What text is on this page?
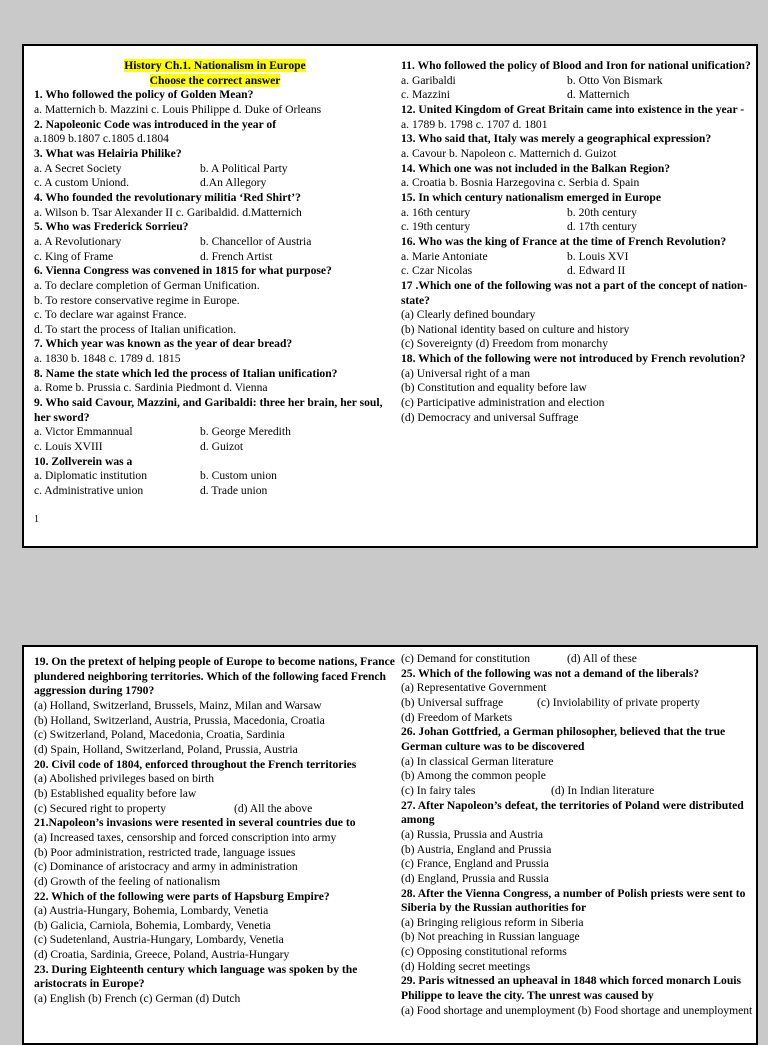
History Ch.1. Nationalism in Europe
Choose the correct answer
1. Who followed the policy of Golden Mean?
a. Matternich b. Mazzini c. Louis Philippe d. Duke of Orleans
2. Napoleonic Code was introduced in the year of
a.1809 b.1807 c.1805 d.1804
3. What was Helairia Philike?
a. A Secret Society	b. A Political Party
c. A custom Uniond.	d.An Allegory
4. Who founded the revolutionary militia ‘Red Shirt’?
a. Wilson b. Tsar Alexander II c. Garibaldid. d.Matternich
5. Who was Frederick Sorrieu?
a. A Revolutionary	b. Chancellor of Austria
c. King of Frame	d. French Artist
6. Vienna Congress was convened in 1815 for what purpose?
a. To declare completion of German Unification.
b. To restore conservative regime in Europe.
c. To declare war against France.
d. To start the process of Italian unification.
7. Which year was known as the year of dear bread?
a. 1830 b. 1848 c. 1789 d. 1815
8. Name the state which led the process of Italian unification?
a. Rome b. Prussia c. Sardinia Piedmont d. Vienna
9. Who said Cavour, Mazzini, and Garibaldi: three her brain, her soul, her sword?
a. Victor Emmannual	b. George Meredith
c. Louis XVIII	d. Guizot
10. Zollverein was a
a. Diplomatic institution	b. Custom union
c. Administrative union	d. Trade union
11. Who followed the policy of Blood and Iron for national unification?
a. Garibaldi	b. Otto Von Bismark
c. Mazzini	d. Matternich
12. United Kingdom of Great Britain came into existence in the year -
a. 1789 b. 1798 c. 1707 d. 1801
13. Who said that, Italy was merely a geographical expression?
a. Cavour b. Napoleon c. Matternich d. Guizot
14. Which one was not included in the Balkan Region?
a. Croatia b. Bosnia Harzegovina c. Serbia d. Spain
15. In which century nationalism emerged in Europe
a. 16th century	b. 20th century
c. 19th century	d. 17th century
16. Who was the king of France at the time of French Revolution?
a. Marie Antoniate	b. Louis XVI
c. Czar Nicolas	d. Edward II
17 .Which one of the following was not a part of the concept of nation-state?
(a) Clearly defined boundary
(b) National identity based on culture and history
(c) Sovereignty (d) Freedom from monarchy
18. Which of the following were not introduced by French revolution?
(a) Universal right of a man
(b) Constitution and equality before law
(c) Participative administration and election
(d) Democracy and universal Suffrage
1
19. On the pretext of helping people of Europe to become nations, France plundered neighboring territories. Which of the following faced French aggression during 1790?
(a) Holland, Switzerland, Brussels, Mainz, Milan and Warsaw
(b) Holland, Switzerland, Austria, Prussia, Macedonia, Croatia
(c) Switzerland, Poland, Macedonia, Croatia, Sardinia
(d) Spain, Holland, Switzerland, Poland, Prussia, Austria
20. Civil code of 1804, enforced throughout the French territories
(a) Abolished privileges based on birth
(b) Established equality before law
(c) Secured right to property	(d) All the above
21.Napoleon’s invasions were resented in several countries due to
(a) Increased taxes, censorship and forced conscription into army
(b) Poor administration, restricted trade, language issues
(c) Dominance of aristocracy and army in administration
(d) Growth of the feeling of nationalism
22. Which of the following were parts of Hapsburg Empire?
(a) Austria-Hungary, Bohemia, Lombardy, Venetia
(b) Galicia, Carniola, Bohemia, Lombardy, Venetia
(c) Sudetenland, Austria-Hungary, Lombardy, Venetia
(d) Croatia, Sardinia, Greece, Poland, Austria-Hungary
23. During Eighteenth century which language was spoken by the aristocrats in Europe?
(a) English (b) French (c) German (d) Dutch
(c) Demand for constitution	(d) All of these
25. Which of the following was not a demand of the liberals?
(a) Representative Government
(b) Universal suffrage	(c) Inviolability of private property
(d) Freedom of Markets
26. Johan Gottfried, a German philosopher, believed that the true German culture was to be discovered
(a) In classical German literature
(b) Among the common people
(c) In fairy tales	(d) In Indian literature
27. After Napoleon’s defeat, the territories of Poland were distributed among
(a) Russia, Prussia and Austria
(b) Austria, England and Prussia
(c) France, England and Prussia
(d) England, Prussia and Russia
28. After the Vienna Congress, a number of Polish priests were sent to Siberia by the Russian authorities for
(a) Bringing religious reform in Siberia
(b) Not preaching in Russian language
(c) Opposing constitutional reforms
(d) Holding secret meetings
29. Paris witnessed an upheaval in 1848 which forced monarch Louis Philippe to leave the city. The unrest was caused by
(a) Food shortage and unemployment (b) Food shortage and unemployment
